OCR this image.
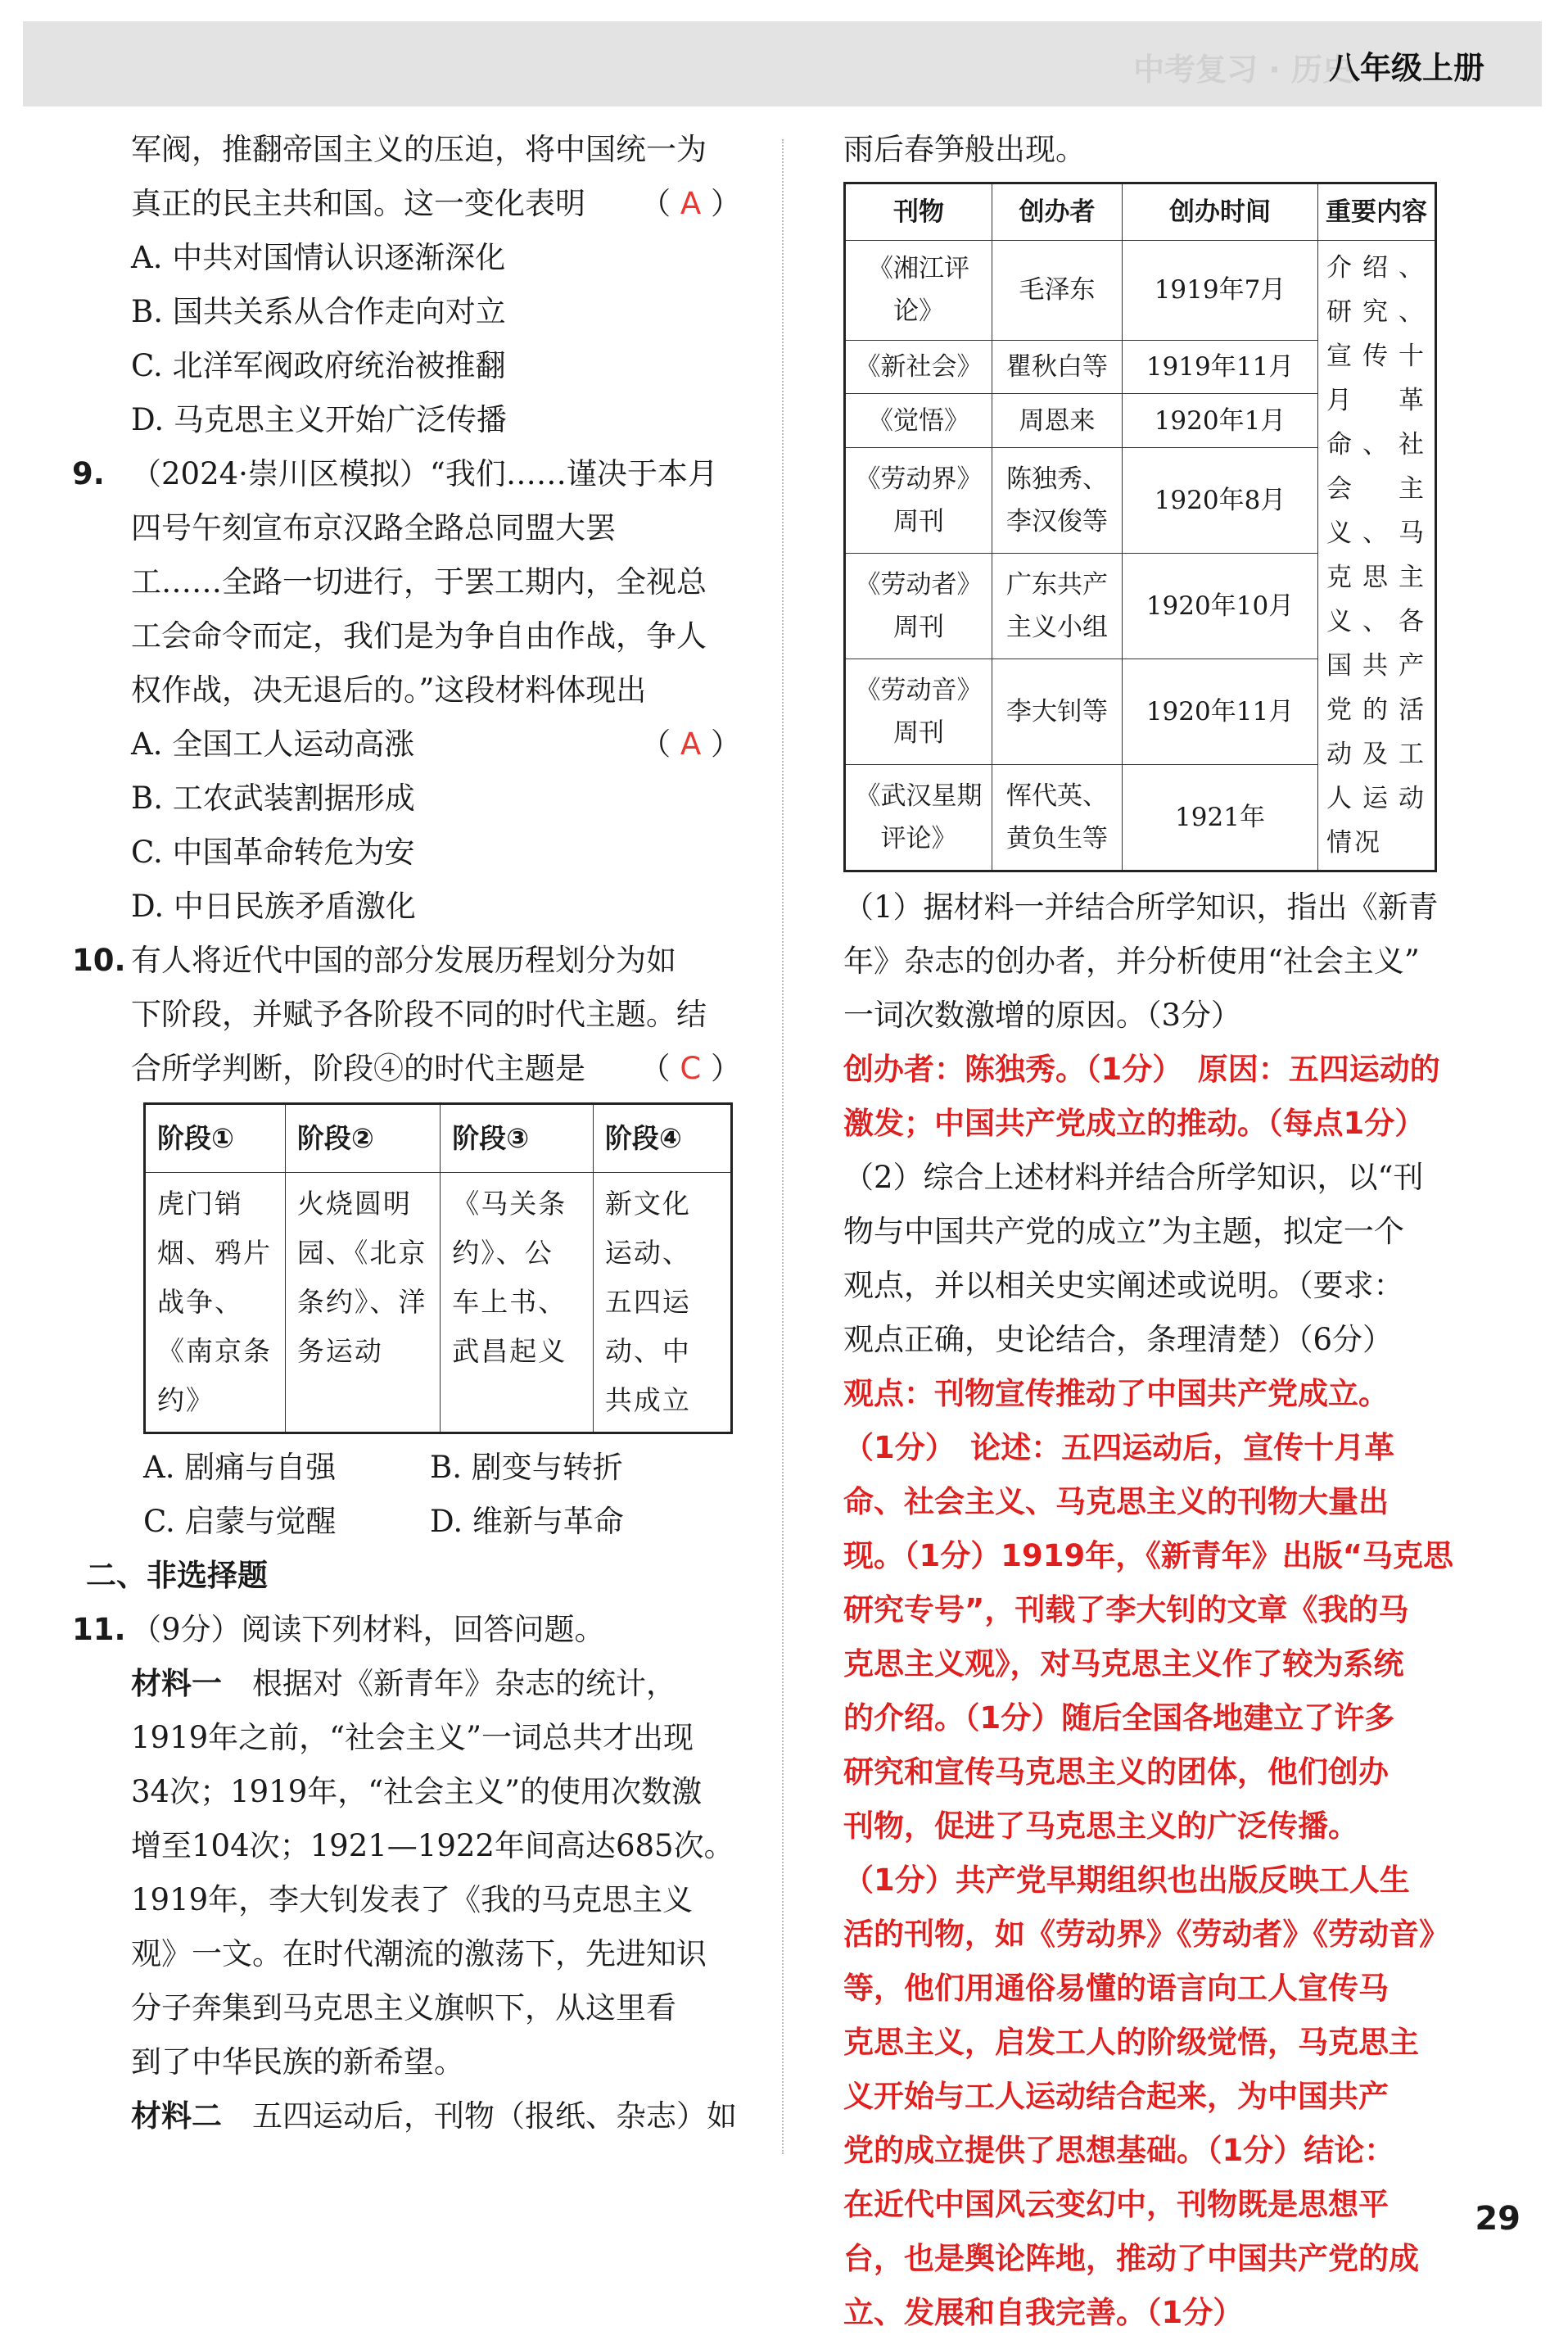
中考复习 · 历史
八年级上册
军阀，推翻帝国主义的压迫，将中国统一为
真正的民主共和国。这一变化表明 （ A ）
A. 中共对国情认识逐渐深化
B. 国共关系从合作走向对立
C. 北洋军阀政府统治被推翻
D. 马克思主义开始广泛传播
9. （2024·崇川区模拟）“我们……谨决于本月
四号午刻宣布京汉路全路总同盟大罢
工……全路一切进行，于罢工期内，全视总
工会命令而定，我们是为争自由作战，争人
权作战，决无退后的。”这段材料体现出
（ A ）
A. 全国工人运动高涨
B. 工农武装割据形成
C. 中国革命转危为安
D. 中日民族矛盾激化
10. 有人将近代中国的部分发展历程划分为如
下阶段，并赋予各阶段不同的时代主题。结
合所学判断，阶段④的时代主题是 （ C ）
阶段①	阶段②	阶段③	阶段④
虎门销烟、鸦片战争、《南京条约》	火烧圆明园、《北京条约》、洋务运动	《马关条约》、公车上书、武昌起义	新文化运动、五四运动、中共成立
A. 剧痛与自强	B. 剧变与转折
C. 启蒙与觉醒	D. 维新与革命
二、非选择题
11. （9分）阅读下列材料，回答问题。
材料一　 根据对《新青年》杂志的统计，
1919年之前，“社会主义”一词总共才出现
34次；1919年，“社会主义”的使用次数激
增至104次；1921—1922年间高达685次。
1919年，李大钊发表了《我的马克思主义
观》一文。在时代潮流的激荡下，先进知识
分子奔集到马克思主义旗帜下，从这里看
到了中华民族的新希望。
材料二　 五四运动后，刊物（报纸、杂志）如
雨后春笋般出现。
刊物	创办者	创办时间	重要内容
《湘江评论》	毛泽东	1919年7月	介绍、研究、宣传十月革命、社会主义、马克思主义、各国共产党的活动及工人运动情况
《新社会》	瞿秋白等	1919年11月	
《觉悟》	周恩来	1920年1月	
《劳动界》周刊	陈独秀、李汉俊等	1920年8月	
《劳动者》周刊	广东共产主义小组	1920年10月	
《劳动音》周刊	李大钊等	1920年11月	
《武汉星期评论》	恽代英、黄负生等	1921年	
（1）据材料一并结合所学知识，指出《新青
年》杂志的创办者，并分析使用“社会主义”
一词次数激增的原因。（3分）
创办者：陈独秀。（1分）　原因：五四运动的
激发；中国共产党成立的推动。（每点1分）
（2）综合上述材料并结合所学知识，以“刊
物与中国共产党的成立”为主题，拟定一个
观点，并以相关史实阐述或说明。（要求：
观点正确，史论结合，条理清楚）（6分）
观点：刊物宣传推动了中国共产党成立。
（1分）　论述：五四运动后，宣传十月革
命、社会主义、马克思主义的刊物大量出
现。（1分）1919年，《新青年》出版“马克思
研究专号”，刊载了李大钊的文章《我的马
克思主义观》，对马克思主义作了较为系统
的介绍。（1分）随后全国各地建立了许多
研究和宣传马克思主义的团体，他们创办
刊物，促进了马克思主义的广泛传播。
（1分）共产党早期组织也出版反映工人生
活的刊物，如《劳动界》《劳动者》《劳动音》
等，他们用通俗易懂的语言向工人宣传马
克思主义，启发工人的阶级觉悟，马克思主
义开始与工人运动结合起来，为中国共产
党的成立提供了思想基础。（1分）结论：
在近代中国风云变幻中，刊物既是思想平
台，也是舆论阵地，推动了中国共产党的成
立、发展和自我完善。（1分）
29
